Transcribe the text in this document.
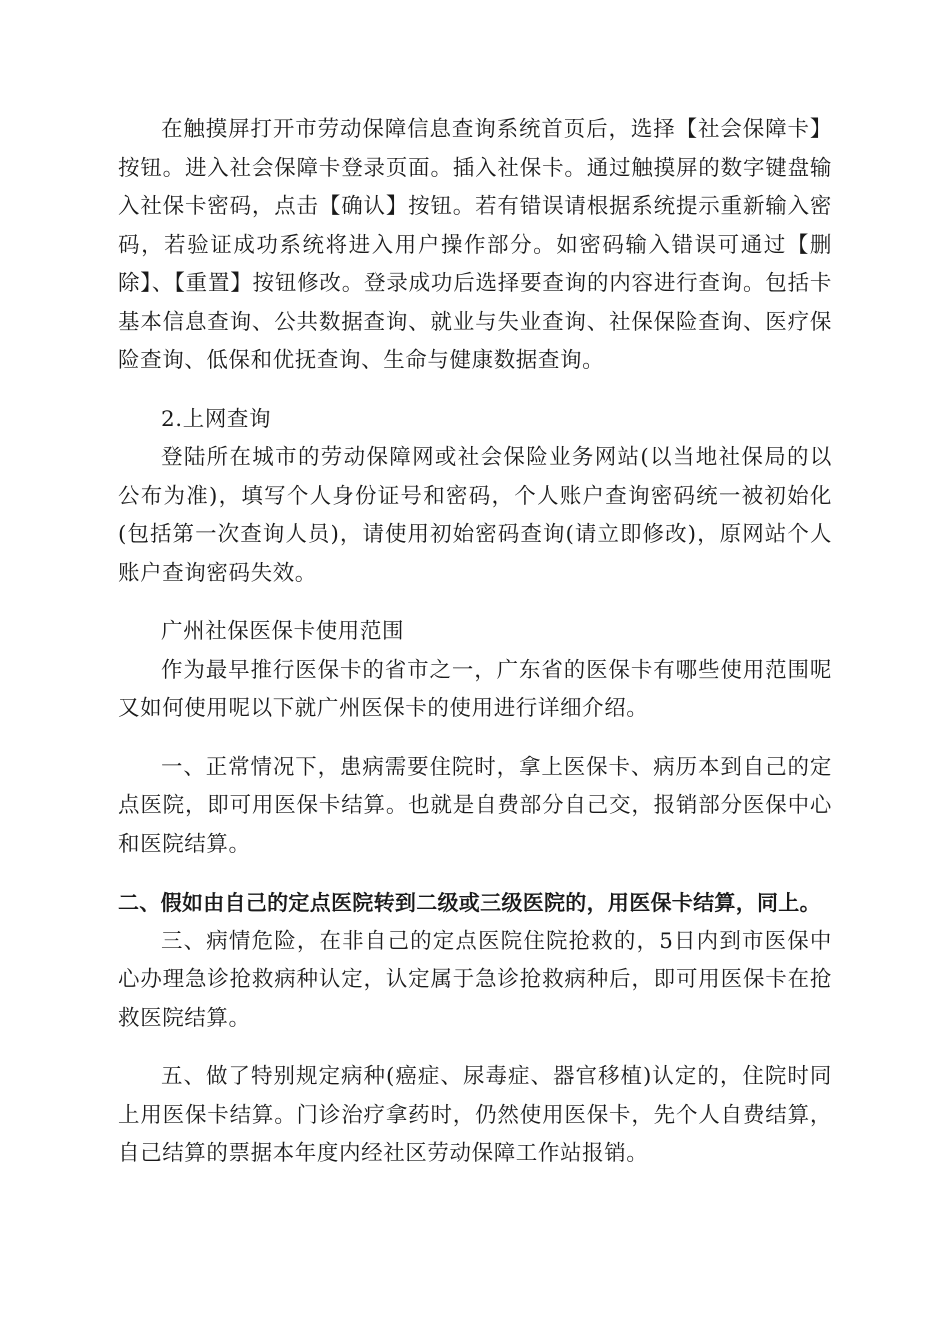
在触摸屏打开市劳动保障信息查询系统首页后，选择【社会保障卡】按钮。进入社会保障卡登录页面。插入社保卡。通过触摸屏的数字键盘输入社保卡密码，点击【确认】按钮。若有错误请根据系统提示重新输入密码，若验证成功系统将进入用户操作部分。如密码输入错误可通过【删除】、【重置】按钮修改。登录成功后选择要查询的内容进行查询。包括卡基本信息查询、公共数据查询、就业与失业查询、社保保险查询、医疗保险查询、低保和优抚查询、生命与健康数据查询。

2.上网查询

登陆所在城市的劳动保障网或社会保险业务网站(以当地社保局的以公布为准)，填写个人身份证号和密码，个人账户查询密码统一被初始化(包括第一次查询人员)，请使用初始密码查询(请立即修改)，原网站个人账户查询密码失效。

广州社保医保卡使用范围

作为最早推行医保卡的省市之一，广东省的医保卡有哪些使用范围呢又如何使用呢以下就广州医保卡的使用进行详细介绍。

一、正常情况下，患病需要住院时，拿上医保卡、病历本到自己的定点医院，即可用医保卡结算。也就是自费部分自己交，报销部分医保中心和医院结算。

二、假如由自己的定点医院转到二级或三级医院的，用医保卡结算，同上。

三、病情危险，在非自己的定点医院住院抢救的，5日内到市医保中心办理急诊抢救病种认定，认定属于急诊抢救病种后，即可用医保卡在抢救医院结算。

五、做了特别规定病种(癌症、尿毒症、器官移植)认定的，住院时同上用医保卡结算。门诊治疗拿药时，仍然使用医保卡，先个人自费结算，自己结算的票据本年度内经社区劳动保障工作站报销。
